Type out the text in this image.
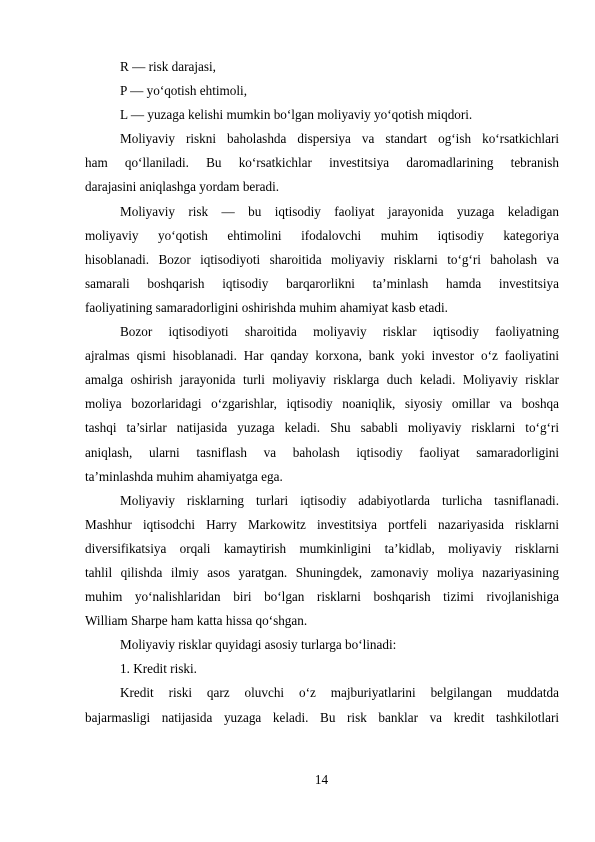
R — risk darajasi,
P — yo‘qotish ehtimoli,
L — yuzaga kelishi mumkin bo‘lgan moliyaviy yo‘qotish miqdori.
Moliyaviy riskni baholashda dispersiya va standart og‘ish ko‘rsatkichlari
ham qo‘llaniladi. Bu ko‘rsatkichlar investitsiya daromadlarining tebranish
darajasini aniqlashga yordam beradi.
Moliyaviy risk — bu iqtisodiy faoliyat jarayonida yuzaga keladigan
moliyaviy yo‘qotish ehtimolini ifodalovchi muhim iqtisodiy kategoriya
hisoblanadi. Bozor iqtisodiyoti sharoitida moliyaviy risklarni to‘g‘ri baholash va
samarali boshqarish iqtisodiy barqarorlikni ta’minlash hamda investitsiya
faoliyatining samaradorligini oshirishda muhim ahamiyat kasb etadi.
Bozor iqtisodiyoti sharoitida moliyaviy risklar iqtisodiy faoliyatning
ajralmas qismi hisoblanadi. Har qanday korxona, bank yoki investor o‘z faoliyatini
amalga oshirish jarayonida turli moliyaviy risklarga duch keladi. Moliyaviy risklar
moliya bozorlaridagi o‘zgarishlar, iqtisodiy noaniqlik, siyosiy omillar va boshqa
tashqi ta’sirlar natijasida yuzaga keladi. Shu sababli moliyaviy risklarni to‘g‘ri
aniqlash, ularni tasniflash va baholash iqtisodiy faoliyat samaradorligini
ta’minlashda muhim ahamiyatga ega.
Moliyaviy risklarning turlari iqtisodiy adabiyotlarda turlicha tasniflanadi.
Mashhur iqtisodchi Harry Markowitz investitsiya portfeli nazariyasida risklarni
diversifikatsiya orqali kamaytirish mumkinligini ta’kidlab, moliyaviy risklarni
tahlil qilishda ilmiy asos yaratgan. Shuningdek, zamonaviy moliya nazariyasining
muhim yo‘nalishlaridan biri bo‘lgan risklarni boshqarish tizimi rivojlanishiga
William Sharpe ham katta hissa qo‘shgan.
Moliyaviy risklar quyidagi asosiy turlarga bo‘linadi:
1. Kredit riski.
Kredit riski qarz oluvchi o‘z majburiyatlarini belgilangan muddatda
bajarmasligi natijasida yuzaga keladi. Bu risk banklar va kredit tashkilotlari
14
